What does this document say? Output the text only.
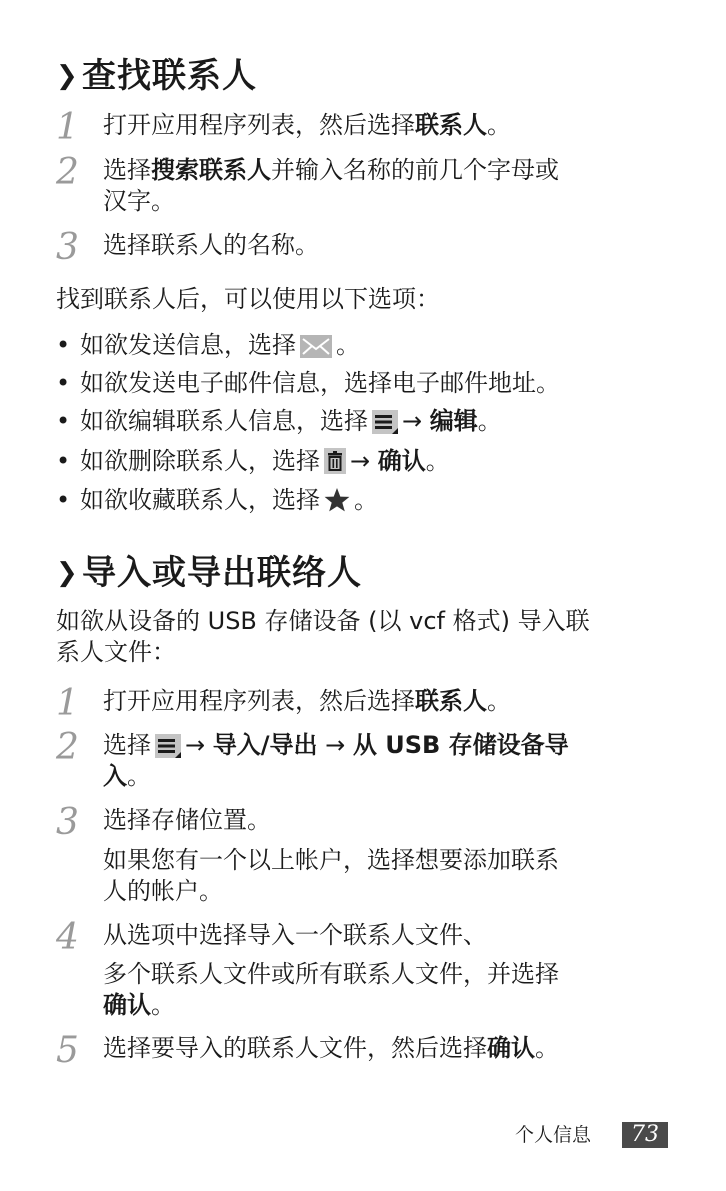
❯查找联系人
1 打开应用程序列表，然后选择联系人。
2 选择搜索联系人并输入名称的前几个字母或
汉字。
3 选择联系人的名称。
找到联系人后，可以使用以下选项：
• 如欲发送信息，选择 。
• 如欲发送电子邮件信息，选择电子邮件地址。
• 如欲编辑联系人信息，选择 → 编辑。
• 如欲删除联系人，选择 → 确认。
• 如欲收藏联系人，选择 。
❯导入或导出联络人
如欲从设备的 USB 存储设备 (以 vcf 格式) 导入联
系人文件：
1 打开应用程序列表，然后选择联系人。
2 选择 → 导入/导出 → 从 USB 存储设备导
入。
3 选择存储位置。
如果您有一个以上帐户，选择想要添加联系
人的帐户。
4 从选项中选择导入一个联系人文件、
多个联系人文件或所有联系人文件，并选择
确认。
5 选择要导入的联系人文件，然后选择确认。
个人信息	73
